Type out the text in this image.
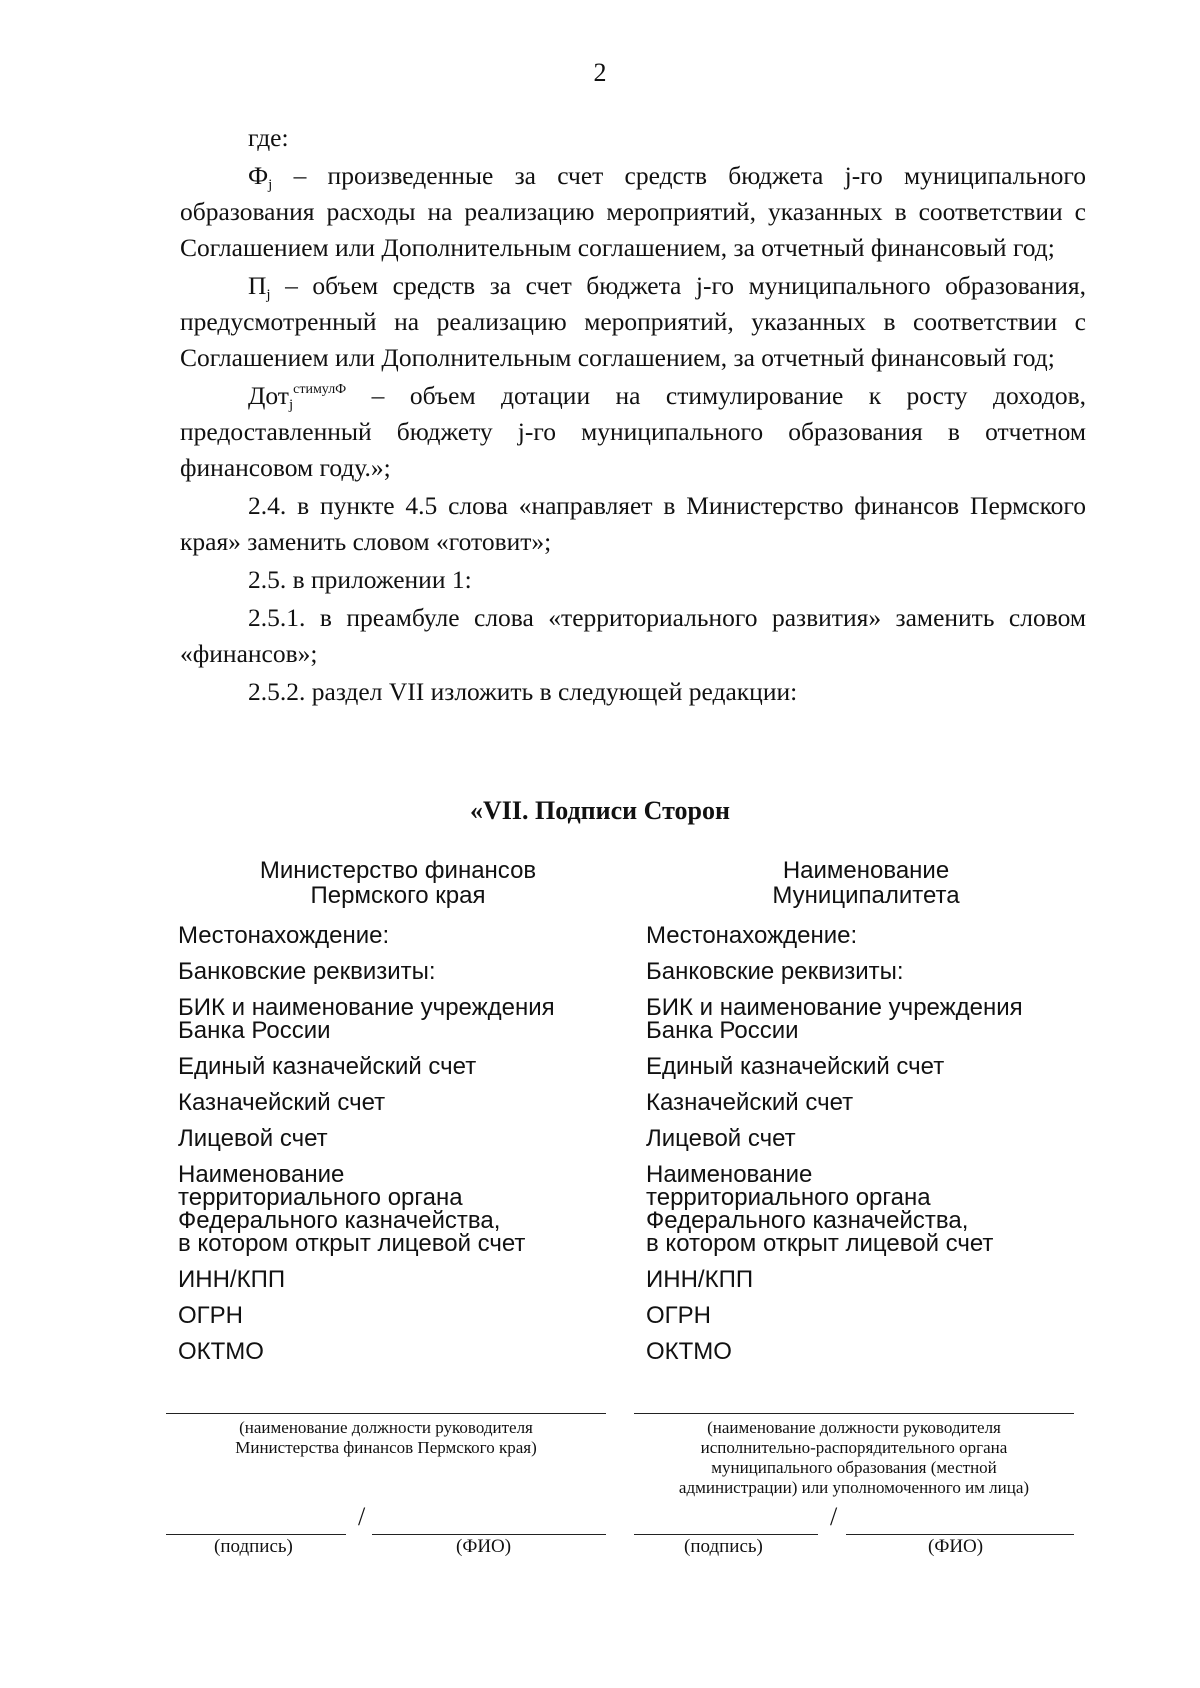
2

где:

$Ф_j$ – произведенные за счет средств бюджета j-го муниципального образования расходы на реализацию мероприятий, указанных в соответствии с Соглашением или Дополнительным соглашением, за отчетный финансовый год;

$П_j$ – объем средств за счет бюджета j-го муниципального образования, предусмотренный на реализацию мероприятий, указанных в соответствии с Соглашением или Дополнительным соглашением, за отчетный финансовый год;

Дот$_j^{стимулФ}$ – объем дотации на стимулирование к росту доходов, предоставленный бюджету j-го муниципального образования в отчетном финансовом году.»;

2.4. в пункте 4.5 слова «направляет в Министерство финансов Пермского края» заменить словом «готовит»;

2.5. в приложении 1:

2.5.1. в преамбуле слова «территориального развития» заменить словом «финансов»;

2.5.2. раздел VII изложить в следующей редакции:

«VII. Подписи Сторон
Министерство финансов
Пермского края
Местонахождение:
Банковские реквизиты:
БИК и наименование учреждения
Банка России
Единый казначейский счет
Казначейский счет
Лицевой счет
Наименование
территориального органа
Федерального казначейства,
в котором открыт лицевой счет
ИНН/КПП
ОГРН
ОКТМО
Наименование
Муниципалитета
Местонахождение:
Банковские реквизиты:
БИК и наименование учреждения
Банка России
Единый казначейский счет
Казначейский счет
Лицевой счет
Наименование
территориального органа
Федерального казначейства,
в котором открыт лицевой счет
ИНН/КПП
ОГРН
ОКТМО
(наименование должности руководителя
Министерства финансов Пермского края)
/
(подпись)	(ФИО)
(наименование должности руководителя
исполнительно-распорядительного органа
муниципального образования (местной
администрации) или уполномоченного им лица)
/
(подпись)	(ФИО)
